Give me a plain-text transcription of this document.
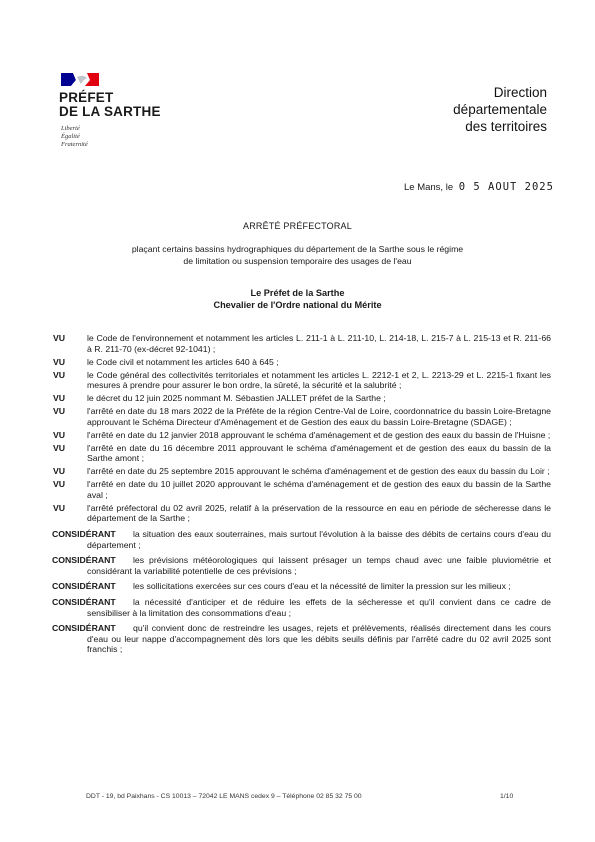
PRÉFET
DE LA SARTHE
Liberté
Égalité
Fraternité
Direction
départementale
des territoires
Le Mans, le 0 5 AOUT 2025
ARRÊTÉ PRÉFECTORAL
plaçant certains bassins hydrographiques du département de la Sarthe sous le régime
de limitation ou suspension temporaire des usages de l'eau
Le Préfet de la Sarthe
Chevalier de l'Ordre national du Mérite
VU	le Code de l'environnement et notamment les articles L. 211-1 à L. 211-10, L. 214-18, L. 215-7 à L. 215-13 et R. 211-66 à R. 211-70 (ex-décret 92-1041) ;
VU	le Code civil et notamment les articles 640 à 645 ;
VU	le Code général des collectivités territoriales et notamment les articles L. 2212-1 et 2, L. 2213-29 et L. 2215-1 fixant les mesures à prendre pour assurer le bon ordre, la sûreté, la sécurité et la salubrité ;
VU	le décret du 12 juin 2025 nommant M. Sébastien JALLET préfet de la Sarthe ;
VU	l'arrêté en date du 18 mars 2022 de la Préfète de la région Centre-Val de Loire, coordonnatrice du bassin Loire-Bretagne approuvant le Schéma Directeur d'Aménagement et de Gestion des eaux du bassin Loire-Bretagne (SDAGE) ;
VU	l'arrêté en date du 12 janvier 2018 approuvant le schéma d'aménagement et de gestion des eaux du bassin de l'Huisne ;
VU	l'arrêté en date du 16 décembre 2011 approuvant le schéma d'aménagement et de gestion des eaux du bassin de la Sarthe amont ;
VU	l'arrêté en date du 25 septembre 2015 approuvant le schéma d'aménagement et de gestion des eaux du bassin du Loir ;
VU	l'arrêté en date du 10 juillet 2020 approuvant le schéma d'aménagement et de gestion des eaux du bassin de la Sarthe aval ;
VU	l'arrêté préfectoral du 02 avril 2025, relatif à la préservation de la ressource en eau en période de sécheresse dans le département de la Sarthe ;
CONSIDÉRANT	la situation des eaux souterraines, mais surtout l'évolution à la baisse des débits de certains cours d'eau du département ;
CONSIDÉRANT	les prévisions météorologiques qui laissent présager un temps chaud avec une faible pluviométrie et considérant la variabilité potentielle de ces prévisions ;
CONSIDÉRANT	les sollicitations exercées sur ces cours d'eau et la nécessité de limiter la pression sur les milieux ;
CONSIDÉRANT	la nécessité d'anticiper et de réduire les effets de la sécheresse et qu'il convient dans ce cadre de sensibiliser à la limitation des consommations d'eau ;
CONSIDÉRANT	qu'il convient donc de restreindre les usages, rejets et prélèvements, réalisés directement dans les cours d'eau ou leur nappe d'accompagnement dès lors que les débits seuils définis par l'arrêté cadre du 02 avril 2025 sont franchis ;
DDT - 19, bd Paixhans - CS 10013 – 72042 LE MANS cedex 9 – Téléphone 02 85 32 75 00	1/10
